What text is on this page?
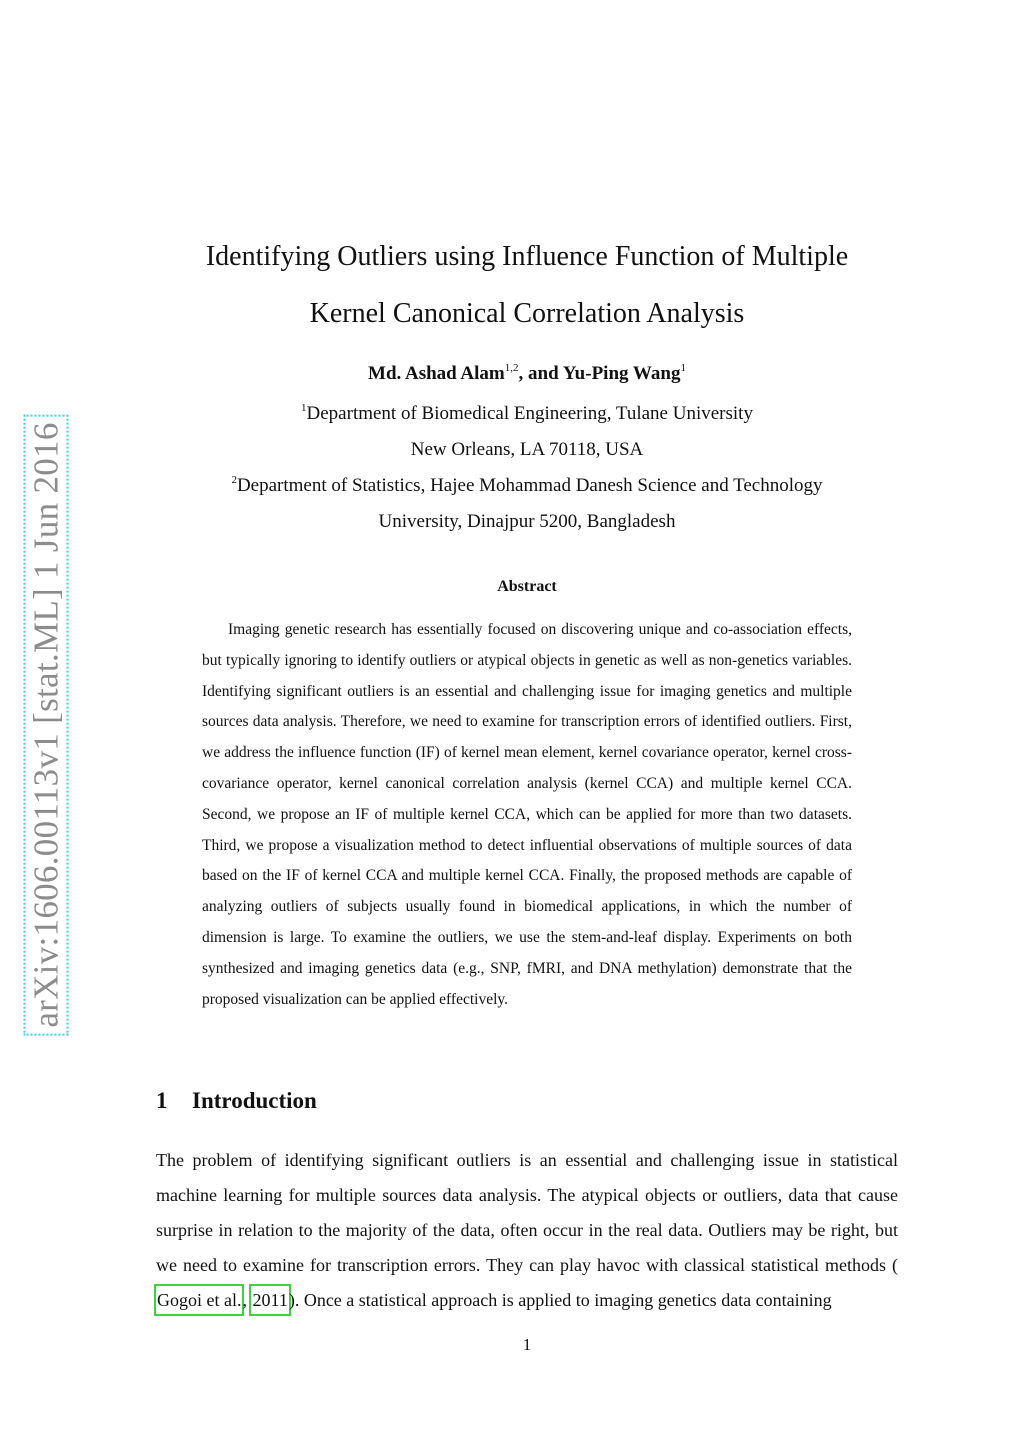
arXiv:1606.00113v1 [stat.ML] 1 Jun 2016

Identifying Outliers using Influence Function of Multiple

Kernel Canonical Correlation Analysis

Md. Ashad Alam$^{1,2}$, and Yu-Ping Wang$^1$
$^1$Department of Biomedical Engineering, Tulane University
New Orleans, LA 70118, USA
$^2$Department of Statistics, Hajee Mohammad Danesh Science and Technology
University, Dinajpur 5200, Bangladesh
Abstract

Imaging genetic research has essentially focused on discovering unique and co-association effects, but typically ignoring to identify outliers or atypical objects in genetic as well as non-genetics variables. Identifying significant outliers is an essential and challenging issue for imaging genetics and multiple sources data analysis. Therefore, we need to examine for transcription errors of identified outliers. First, we address the influence function (IF) of kernel mean element, kernel covariance operator, kernel cross-covariance operator, kernel canonical correlation analysis (kernel CCA) and multiple kernel CCA. Second, we propose an IF of multiple kernel CCA, which can be applied for more than two datasets. Third, we propose a visualization method to detect influential observations of multiple sources of data based on the IF of kernel CCA and multiple kernel CCA. Finally, the proposed methods are capable of analyzing outliers of subjects usually found in biomedical applications, in which the number of dimension is large. To examine the outliers, we use the stem-and-leaf display. Experiments on both synthesized and imaging genetics data (e.g., SNP, fMRI, and DNA methylation) demonstrate that the proposed visualization can be applied effectively.

1 Introduction

The problem of identifying significant outliers is an essential and challenging issue in statistical machine learning for multiple sources data analysis. The atypical objects or outliers, data that cause surprise in relation to the majority of the data, often occur in the real data. Outliers may be right, but we need to examine for transcription errors. They can play havoc with classical statistical methods (Gogoi et al., 2011). Once a statistical approach is applied to imaging genetics data containing

1
